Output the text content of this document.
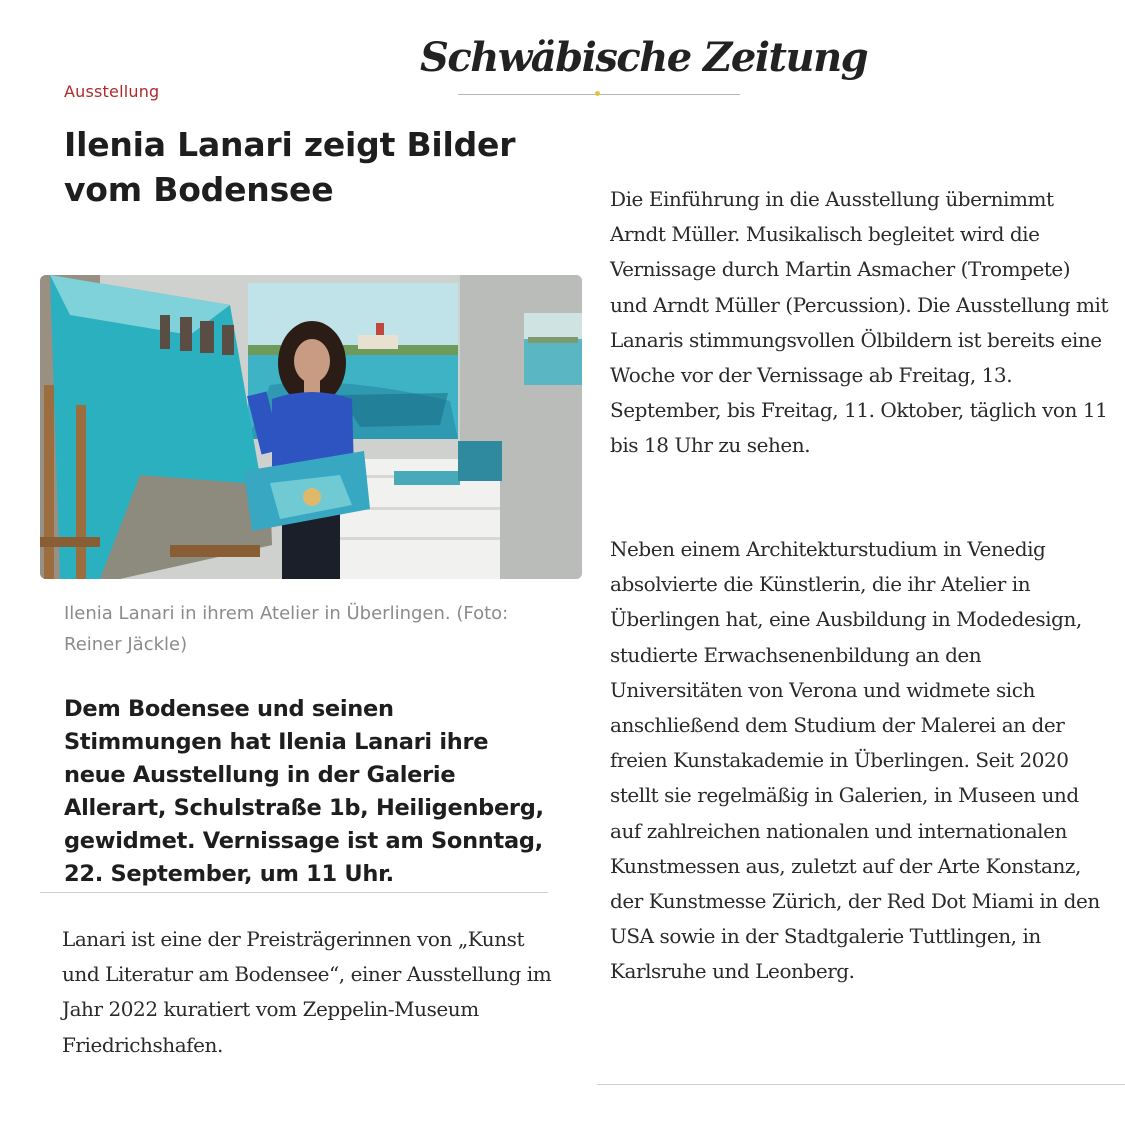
Schwäbische Zeitung
Ausstellung
Ilenia Lanari zeigt Bilder vom Bodensee
Ilenia Lanari in ihrem Atelier in Überlingen. (Foto: Reiner Jäckle)

Dem Bodensee und seinen Stimmungen hat Ilenia Lanari ihre neue Ausstellung in der Galerie Allerart, Schulstraße 1b, Heiligenberg, gewidmet. Vernissage ist am Sonntag, 22. September, um 11 Uhr.

Lanari ist eine der Preisträgerinnen von „Kunst und Literatur am Bodensee“, einer Ausstellung im Jahr 2022 kuratiert vom Zeppelin-Museum Friedrichshafen.

Die Einführung in die Ausstellung übernimmt Arndt Müller. Musikalisch begleitet wird die Vernissage durch Martin Asmacher (Trompete) und Arndt Müller (Percussion). Die Ausstellung mit Lanaris stimmungsvollen Ölbildern ist bereits eine Woche vor der Vernissage ab Freitag, 13. September, bis Freitag, 11. Oktober, täglich von 11 bis 18 Uhr zu sehen.

Neben einem Architekturstudium in Venedig absolvierte die Künstlerin, die ihr Atelier in Überlingen hat, eine Ausbildung in Modedesign, studierte Erwachsenenbildung an den Universitäten von Verona und widmete sich anschließend dem Studium der Malerei an der freien Kunstakademie in Überlingen. Seit 2020 stellt sie regelmäßig in Galerien, in Museen und auf zahlreichen nationalen und internationalen Kunstmessen aus, zuletzt auf der Arte Konstanz, der Kunstmesse Zürich, der Red Dot Miami in den USA sowie in der Stadtgalerie Tuttlingen, in Karlsruhe und Leonberg.
